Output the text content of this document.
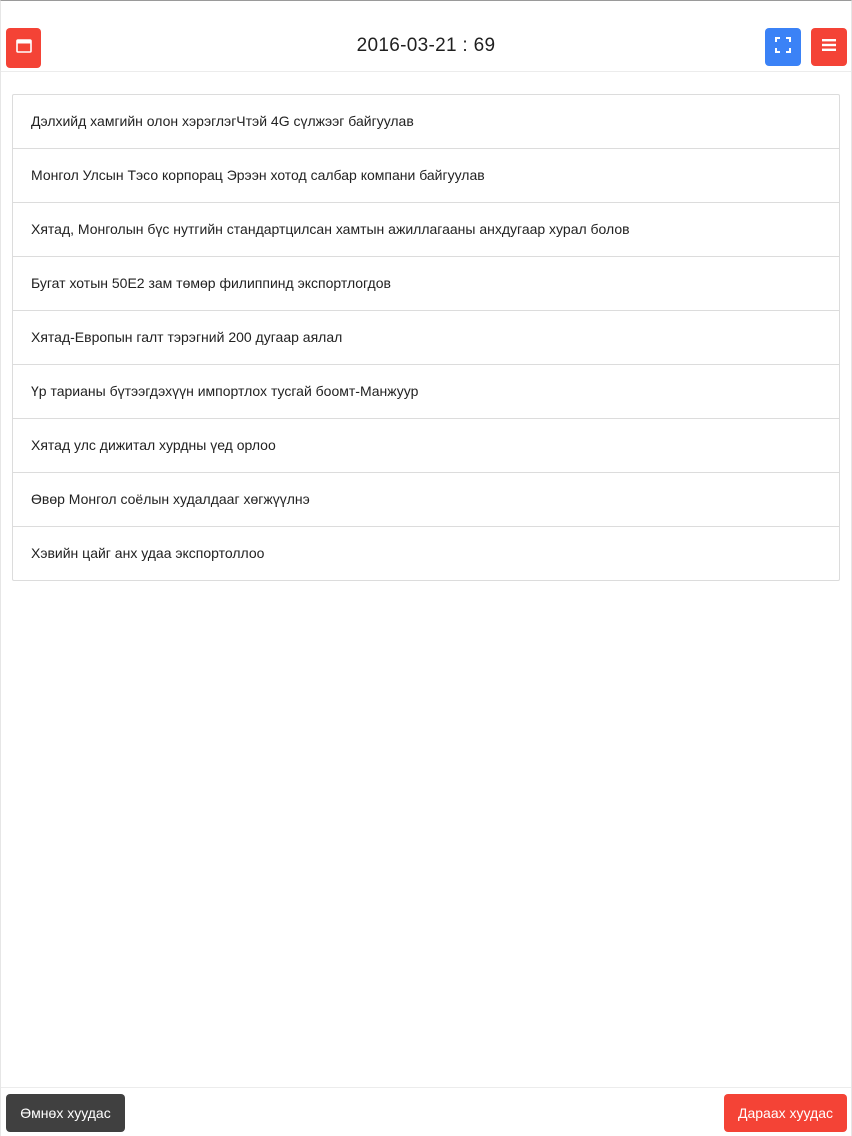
2016-03-21 : 69
Дэлхийд хамгийн олон хэрэглэгЧтэй 4G сүлжээг байгуулав
Монгол Улсын Тэсо корпорац Эрээн хотод салбар компани байгуулав
Хятад, Монголын бүс нутгийн стандартцилсан хамтын ажиллагааны анхдугаар хурал болов
Бугат хотын 50Е2 зам төмөр филиппинд экспортлогдов
Хятад-Европын галт тэрэгний 200 дугаар аялал
Үр тарианы бүтээгдэхүүн импортлох тусгай боомт-Манжуур
Хятад улс дижитал хурдны үед орлоо
Өвөр Монгол соёлын худалдааг хөгжүүлнэ
Хэвийн цайг анх удаа экспортоллоо
Өмнөх хуудас	Дараах хуудас
